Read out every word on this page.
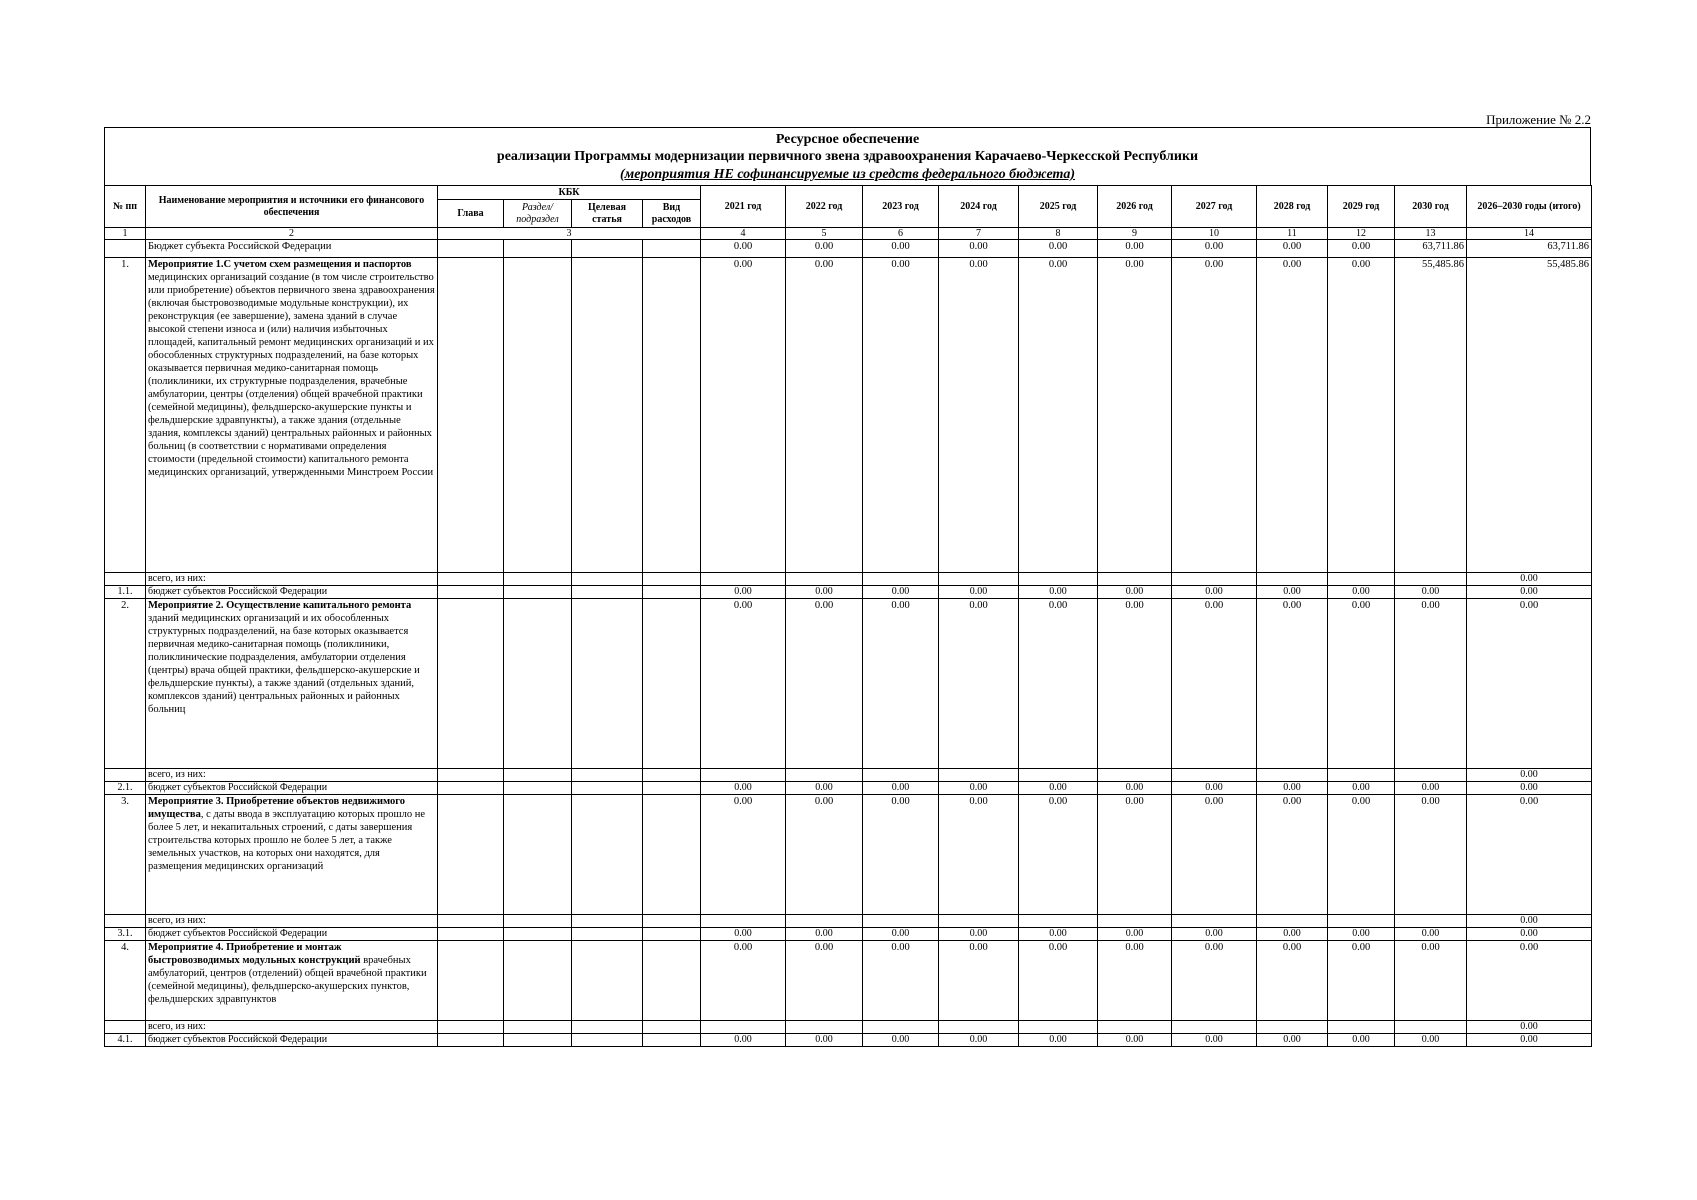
Приложение № 2.2
Ресурсное обеспечение
реализации Программы модернизации первичного звена здравоохранения Карачаево-Черкесской Республики
(мероприятия НЕ софинансируемые из средств федерального бюджета)
№ пп	Наименование мероприятия и источники его финансового обеспечения	КБК				2021 год	2022 год	2023 год	2024 год	2025 год	2026 год	2027 год	2028 год	2029 год	2030 год	2026–2030 годы (итого)
		Глава	Раздел/ подраздел	Целевая статья	Вид расходов											
1	2	3				4	5	6	7	8	9	10	11	12	13	14
	Бюджет субъекта Российской Федерации					0.00	0.00	0.00	0.00	0.00	0.00	0.00	0.00	0.00	63,711.86	63,711.86
1.	Мероприятие 1.С учетом схем размещения и паспортов медицинских организаций создание (в том числе строительство или приобретение) объектов первичного звена здравоохранения (включая быстровозводимые модульные конструкции), их реконструкция (ее завершение), замена зданий в случае высокой степени износа и (или) наличия избыточных площадей, капитальный ремонт медицинских организаций и их обособленных структурных подразделений, на базе которых оказывается первичная медико-санитарная помощь (поликлиники, их структурные подразделения, врачебные амбулатории, центры (отделения) общей врачебной практики (семейной медицины), фельдшерско-акушерские пункты и фельдшерские здравпункты), а также здания (отдельные здания, комплексы зданий) центральных районных и районных больниц (в соответствии с нормативами определения стоимости (предельной стоимости) капитального ремонта медицинских организаций, утвержденными Минстроем России					0.00	0.00	0.00	0.00	0.00	0.00	0.00	0.00	0.00	55,485.86	55,485.86
	всего, из них:															0.00
1.1.	бюджет субъектов Российской Федерации					0.00	0.00	0.00	0.00	0.00	0.00	0.00	0.00	0.00	0.00	0.00
2.	Мероприятие 2. Осуществление капитального ремонта зданий медицинских организаций и их обособленных структурных подразделений, на базе которых оказывается первичная медико-санитарная помощь (поликлиники, поликлинические подразделения, амбулатории отделения (центры) врача общей практики, фельдшерско-акушерские и фельдшерские пункты), а также зданий (отдельных зданий, комплексов зданий) центральных районных и районных больниц					0.00	0.00	0.00	0.00	0.00	0.00	0.00	0.00	0.00	0.00	0.00
	всего, из них:															0.00
2.1.	бюджет субъектов Российской Федерации					0.00	0.00	0.00	0.00	0.00	0.00	0.00	0.00	0.00	0.00	0.00
3.	Мероприятие 3. Приобретение объектов недвижимого имущества, с даты ввода в эксплуатацию которых прошло не более 5 лет, и некапитальных строений, с даты завершения строительства которых прошло не более 5 лет, а также земельных участков, на которых они находятся, для размещения медицинских организаций					0.00	0.00	0.00	0.00	0.00	0.00	0.00	0.00	0.00	0.00	0.00
	всего, из них:															0.00
3.1.	бюджет субъектов Российской Федерации					0.00	0.00	0.00	0.00	0.00	0.00	0.00	0.00	0.00	0.00	0.00
4.	Мероприятие 4. Приобретение и монтаж быстровозводимых модульных конструкций врачебных амбулаторий, центров (отделений) общей врачебной практики (семейной медицины), фельдшерско-акушерских пунктов, фельдшерских здравпунктов					0.00	0.00	0.00	0.00	0.00	0.00	0.00	0.00	0.00	0.00	0.00
	всего, из них:															0.00
4.1.	бюджет субъектов Российской Федерации					0.00	0.00	0.00	0.00	0.00	0.00	0.00	0.00	0.00	0.00	0.00
